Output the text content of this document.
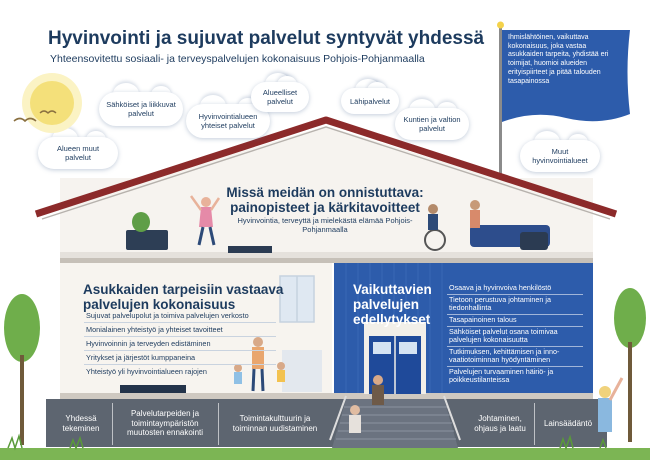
Hyvinvointi ja sujuvat palvelut syntyvät yhdessä
Yhteensovitettu sosiaali- ja terveyspalvelujen kokonaisuus Pohjois-Pohjanmaalla
Alueen muut palvelut
Sähköiset ja liikkuvat palvelut	Hyvinvointialueen yhteiset palvelut
Alueelliset palvelut	Lähipalvelut
Kuntien ja valtion palvelut
Muut hyvinvointialueet
Ihmislähtöinen, vaikuttava kokonaisuus, joka vastaa asukkaiden tarpeita, yhdistää eri toimijat, huomioi alueiden erityispiirteet ja pitää talouden tasapainossa
Missä meidän on onnistuttava: painopisteet ja kärkitavoitteet
Hyvinvointia, terveyttä ja mielekästä elämää Pohjois-Pohjanmaalla
Asukkaiden tarpeisiin vastaava palvelujen kokonaisuus
Sujuvat palvelupolut ja toimiva palvelujen verkosto
Monialainen yhteistyö ja yhteiset tavoitteet
Hyvinvoinnin ja terveyden edistäminen
Yritykset ja järjestöt kumppaneina
Yhteistyö yli hyvinvointialueen rajojen
Vaikuttavien palvelujen edellytykset
Osaava ja hyvinvoiva henkilöstö
Tietoon perustuva johtaminen ja tiedonhallinta
Tasapainoinen talous
Sähköiset palvelut osana toimivaa palvelujen kokonaisuutta
Tutkimuksen, kehittämisen ja inno-vaatiotoiminnan hyödyntäminen
Palvelujen turvaaminen häiriö- ja poikkeustilanteissa
Yhdessä tekeminen
Palvelutarpeiden ja toimintaympäristön muutosten ennakointi
Toimintakulttuurin ja toiminnan uudistaminen
Johtaminen, ohjaus ja laatu	Lainsäädäntö
